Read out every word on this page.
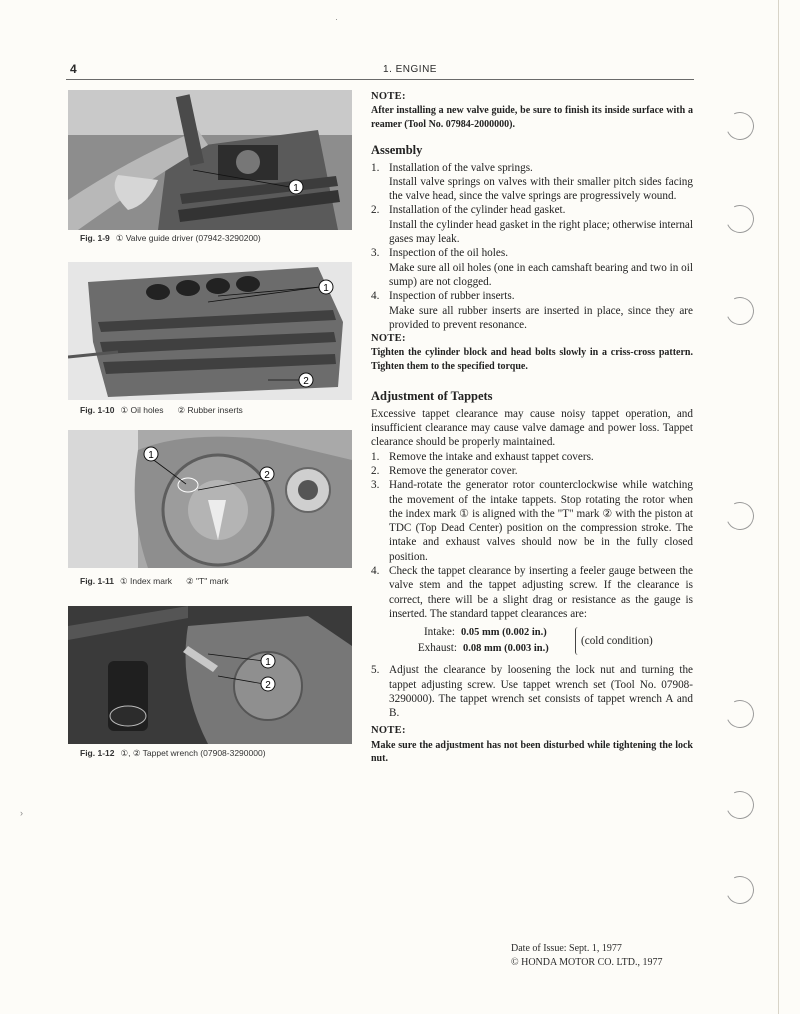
4	1. ENGINE
·
›
1
Fig. 1-9 ① Valve guide driver (07942-3290200)
1
2
Fig. 1-10 ① Oil holes ② Rubber inserts
1
2
Fig. 1-11 ① Index mark ② "T" mark
1
2
Fig. 1-12 ①, ② Tappet wrench (07908-3290000)
NOTE:
After installing a new valve guide, be sure to finish its inside surface with a reamer (Tool No. 07984-2000000).
Assembly
1. Installation of the valve springs.
Install valve springs on valves with their smaller pitch sides facing the valve head, since the valve springs are progressively wound.
2. Installation of the cylinder head gasket.
Install the cylinder head gasket in the right place; otherwise internal gases may leak.
3. Inspection of the oil holes.
Make sure all oil holes (one in each camshaft bearing and two in oil sump) are not clogged.
4. Inspection of rubber inserts.
Make sure all rubber inserts are inserted in place, since they are provided to prevent resonance.
NOTE:
Tighten the cylinder block and head bolts slowly in a criss-cross pattern. Tighten them to the specified torque.
Adjustment of Tappets
Excessive tappet clearance may cause noisy tappet operation, and insufficient clearance may cause valve damage and power loss. Tappet clearance should be properly maintained.
1. Remove the intake and exhaust tappet covers.
2. Remove the generator cover.
3. Hand-rotate the generator rotor counterclockwise while watching the movement of the intake tappets. Stop rotating the rotor when the index mark ① is aligned with the "T" mark ② with the piston at TDC (Top Dead Center) position on the compression stroke. The intake and exhaust valves should now be in the fully closed position.
4. Check the tappet clearance by inserting a feeler gauge between the valve stem and the tappet adjusting screw. If the clearance is correct, there will be a slight drag or resistance as the gauge is inserted. The standard tappet clearances are:
Intake: 0.05 mm (0.002 in.)
Exhaust: 0.08 mm (0.003 in.)
(cold condition)
5. Adjust the clearance by loosening the lock nut and turning the tappet adjusting screw. Use tappet wrench set (Tool No. 07908-3290000). The tappet wrench set consists of tappet wrench A and B.
NOTE:
Make sure the adjustment has not been disturbed while tightening the lock nut.
Date of Issue: Sept. 1, 1977
© HONDA MOTOR CO. LTD., 1977
